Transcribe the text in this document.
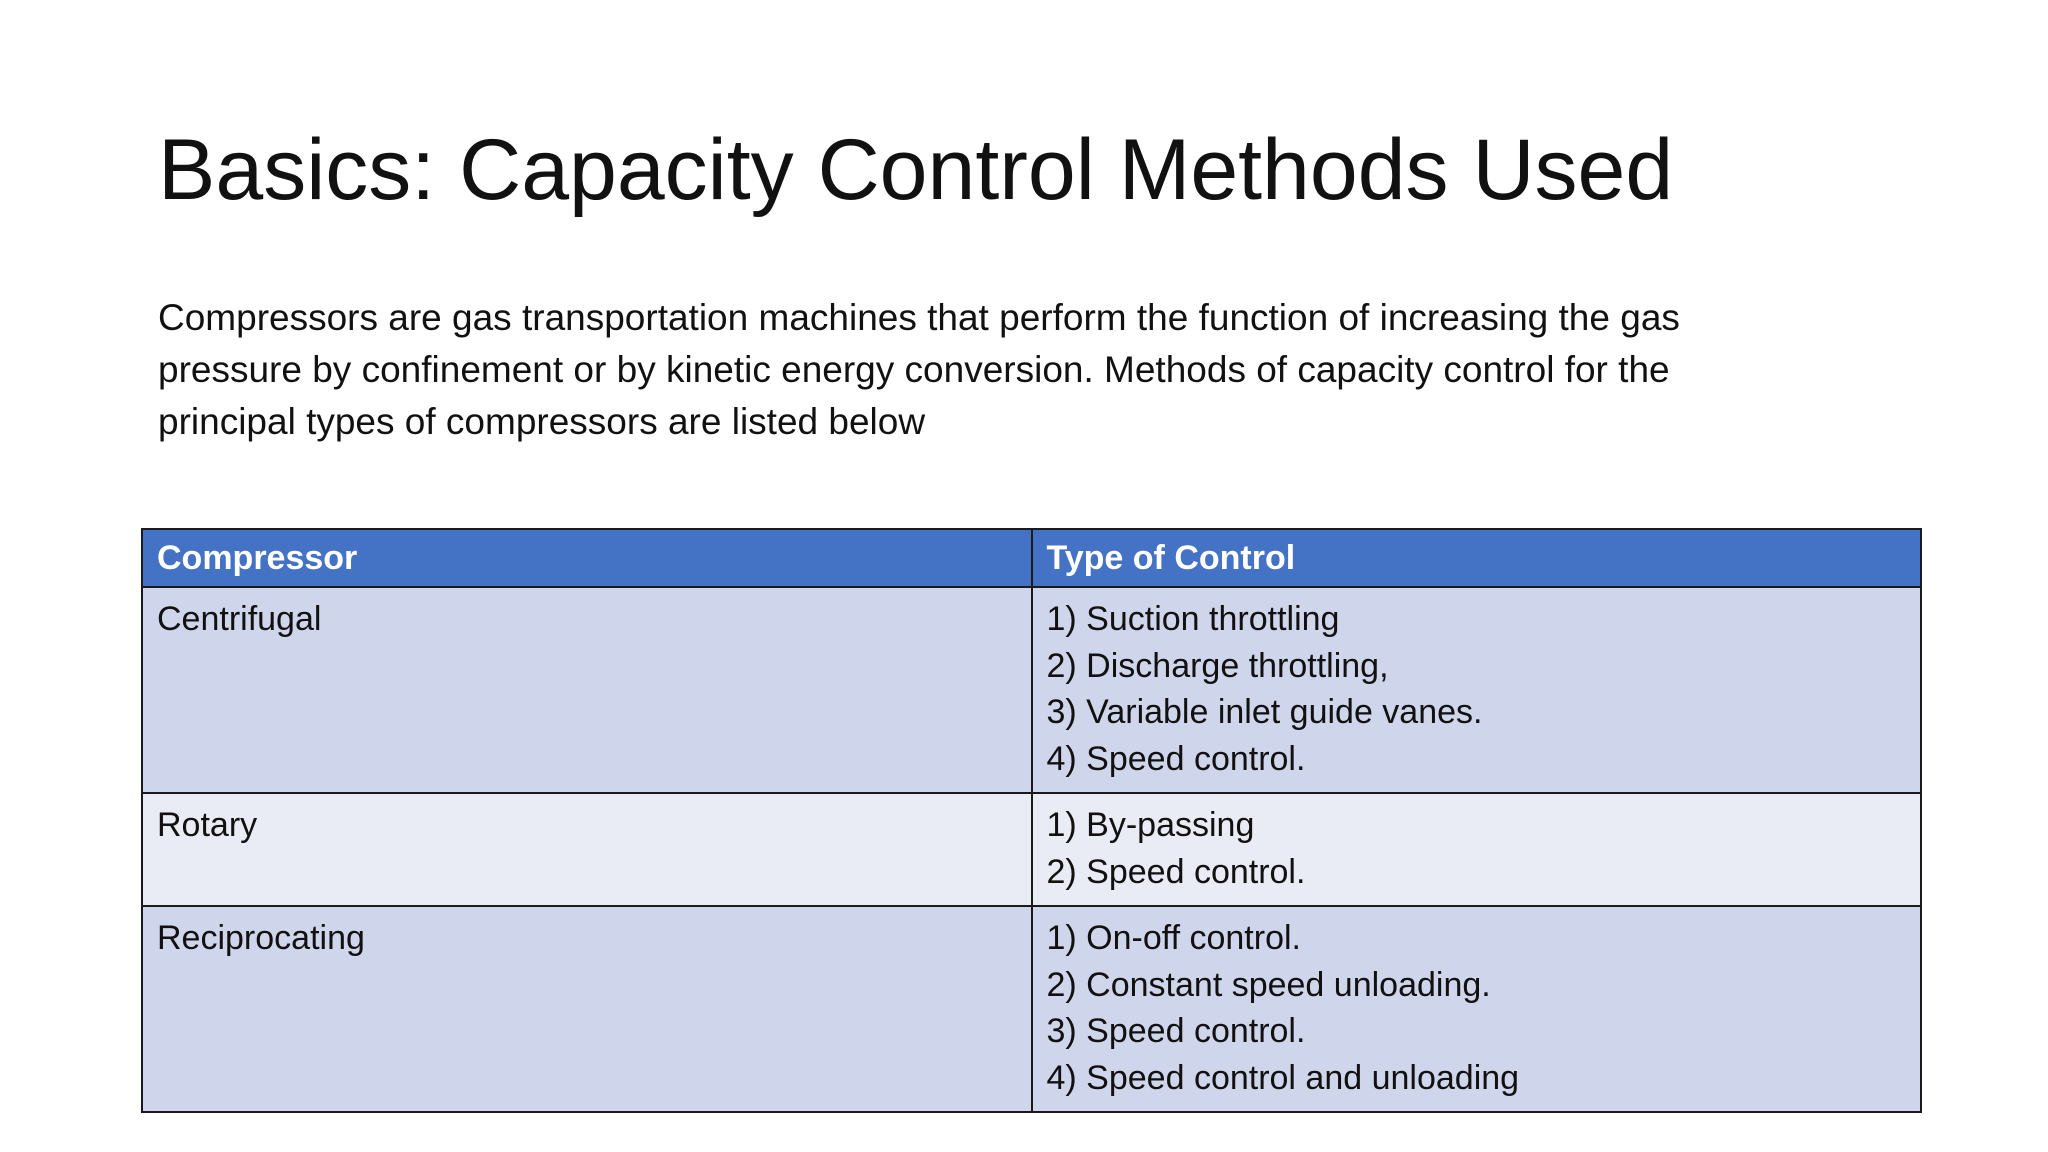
Basics: Capacity Control Methods Used

Compressors are gas transportation machines that perform the function of increasing the gas
pressure by confinement or by kinetic energy conversion. Methods of capacity control for the
principal types of compressors are listed below

Compressor	Type of Control
Centrifugal	1) Suction throttling
2) Discharge throttling,
3) Variable inlet guide vanes.
4) Speed control.

Rotary	1) By-passing
2) Speed control.

Reciprocating	1) On-off control.
2) Constant speed unloading.
3) Speed control.
4) Speed control and unloading
